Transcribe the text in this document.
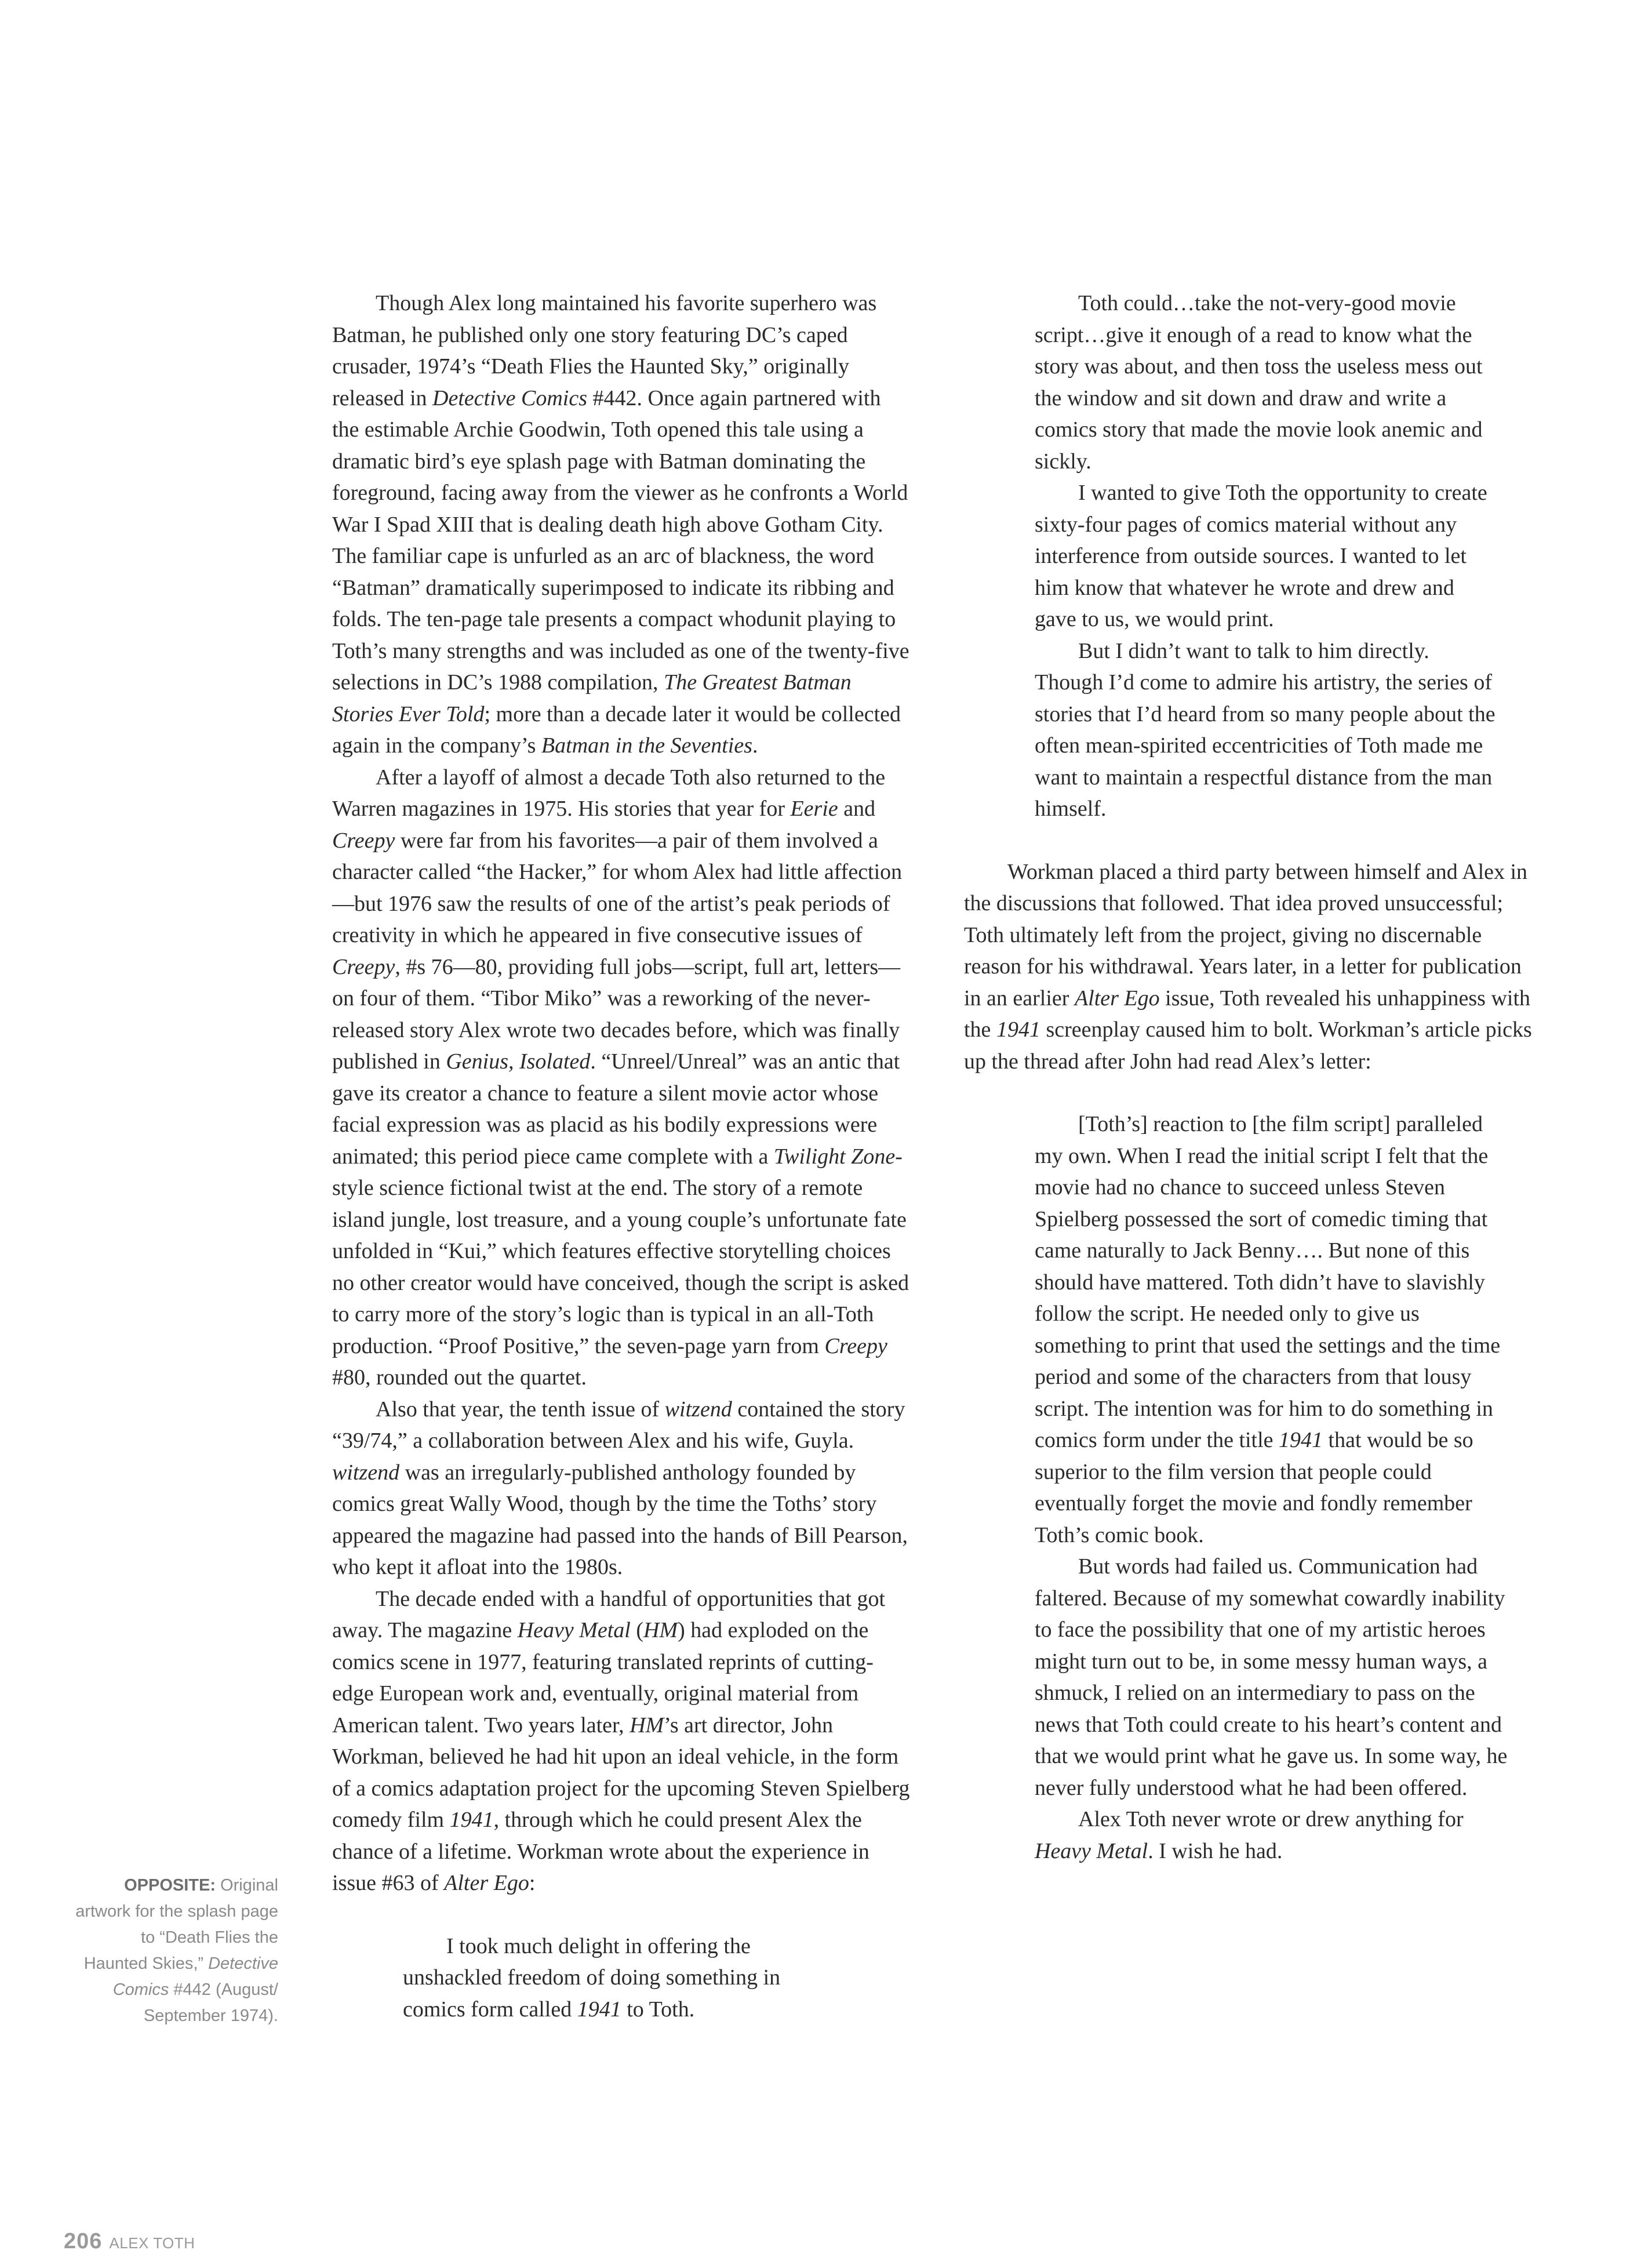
Though Alex long maintained his favorite superhero was Batman, he published only one story featuring DC’s caped crusader, 1974’s “Death Flies the Haunted Sky,” originally released in Detective Comics #442. Once again partnered with the estimable Archie Goodwin, Toth opened this tale using a dramatic bird’s eye splash page with Batman dominating the foreground, facing away from the viewer as he confronts a World War I Spad XIII that is dealing death high above Gotham City. The familiar cape is unfurled as an arc of blackness, the word “Batman” dramatically superimposed to indicate its ribbing and folds. The ten-page tale presents a compact whodunit playing to Toth’s many strengths and was included as one of the twenty-five selections in DC’s 1988 compilation, The Greatest Batman Stories Ever Told; more than a decade later it would be collected again in the company’s Batman in the Seventies.

After a layoff of almost a decade Toth also returned to the Warren magazines in 1975. His stories that year for Eerie and Creepy were far from his favorites—a pair of them involved a character called “the Hacker,” for whom Alex had little affection—but 1976 saw the results of one of the artist’s peak periods of creativity in which he appeared in five consecutive issues of Creepy, #s 76—80, providing full jobs—script, full art, letters—on four of them. “Tibor Miko” was a reworking of the never-released story Alex wrote two decades before, which was finally published in Genius, Isolated. “Unreel/Unreal” was an antic that gave its creator a chance to feature a silent movie actor whose facial expression was as placid as his bodily expressions were animated; this period piece came complete with a Twilight Zone-style science fictional twist at the end. The story of a remote island jungle, lost treasure, and a young couple’s unfortunate fate unfolded in “Kui,” which features effective storytelling choices no other creator would have conceived, though the script is asked to carry more of the story’s logic than is typical in an all-Toth production. “Proof Positive,” the seven-page yarn from Creepy #80, rounded out the quartet.

Also that year, the tenth issue of witzend contained the story “39/74,” a collaboration between Alex and his wife, Guyla. witzend was an irregularly-published anthology founded by comics great Wally Wood, though by the time the Toths’ story appeared the magazine had passed into the hands of Bill Pearson, who kept it afloat into the 1980s.

The decade ended with a handful of opportunities that got away. The magazine Heavy Metal (HM) had exploded on the comics scene in 1977, featuring translated reprints of cutting-edge European work and, eventually, original material from American talent. Two years later, HM’s art director, John Workman, believed he had hit upon an ideal vehicle, in the form of a comics adaptation project for the upcoming Steven Spielberg comedy film 1941, through which he could present Alex the chance of a lifetime. Workman wrote about the experience in issue #63 of Alter Ego:

I took much delight in offering the unshackled freedom of doing something in comics form called 1941 to Toth.

Toth could…take the not-very-good movie script…give it enough of a read to know what the story was about, and then toss the useless mess out the window and sit down and draw and write a comics story that made the movie look anemic and sickly.

I wanted to give Toth the opportunity to create sixty-four pages of comics material without any interference from outside sources. I wanted to let him know that whatever he wrote and drew and gave to us, we would print.

But I didn’t want to talk to him directly. Though I’d come to admire his artistry, the series of stories that I’d heard from so many people about the often mean-spirited eccentricities of Toth made me want to maintain a respectful distance from the man himself.

Workman placed a third party between himself and Alex in the discussions that followed. That idea proved unsuccessful; Toth ultimately left from the project, giving no discernable reason for his withdrawal. Years later, in a letter for publication in an earlier Alter Ego issue, Toth revealed his unhappiness with the 1941 screenplay caused him to bolt. Workman’s article picks up the thread after John had read Alex’s letter:

[Toth’s] reaction to [the film script] paralleled my own. When I read the initial script I felt that the movie had no chance to succeed unless Steven Spielberg possessed the sort of comedic timing that came naturally to Jack Benny…. But none of this should have mattered. Toth didn’t have to slavishly follow the script. He needed only to give us something to print that used the settings and the time period and some of the characters from that lousy script. The intention was for him to do something in comics form under the title 1941 that would be so superior to the film version that people could eventually forget the movie and fondly remember Toth’s comic book.

But words had failed us. Communication had faltered. Because of my somewhat cowardly inability to face the possibility that one of my artistic heroes might turn out to be, in some messy human ways, a shmuck, I relied on an intermediary to pass on the news that Toth could create to his heart’s content and that we would print what he gave us. In some way, he never fully understood what he had been offered.

Alex Toth never wrote or drew anything for Heavy Metal. I wish he had.

OPPOSITE: Original artwork for the splash page to “Death Flies the Haunted Skies,” Detective Comics #442 (August/ September 1974).

206 ALEX TOTH
